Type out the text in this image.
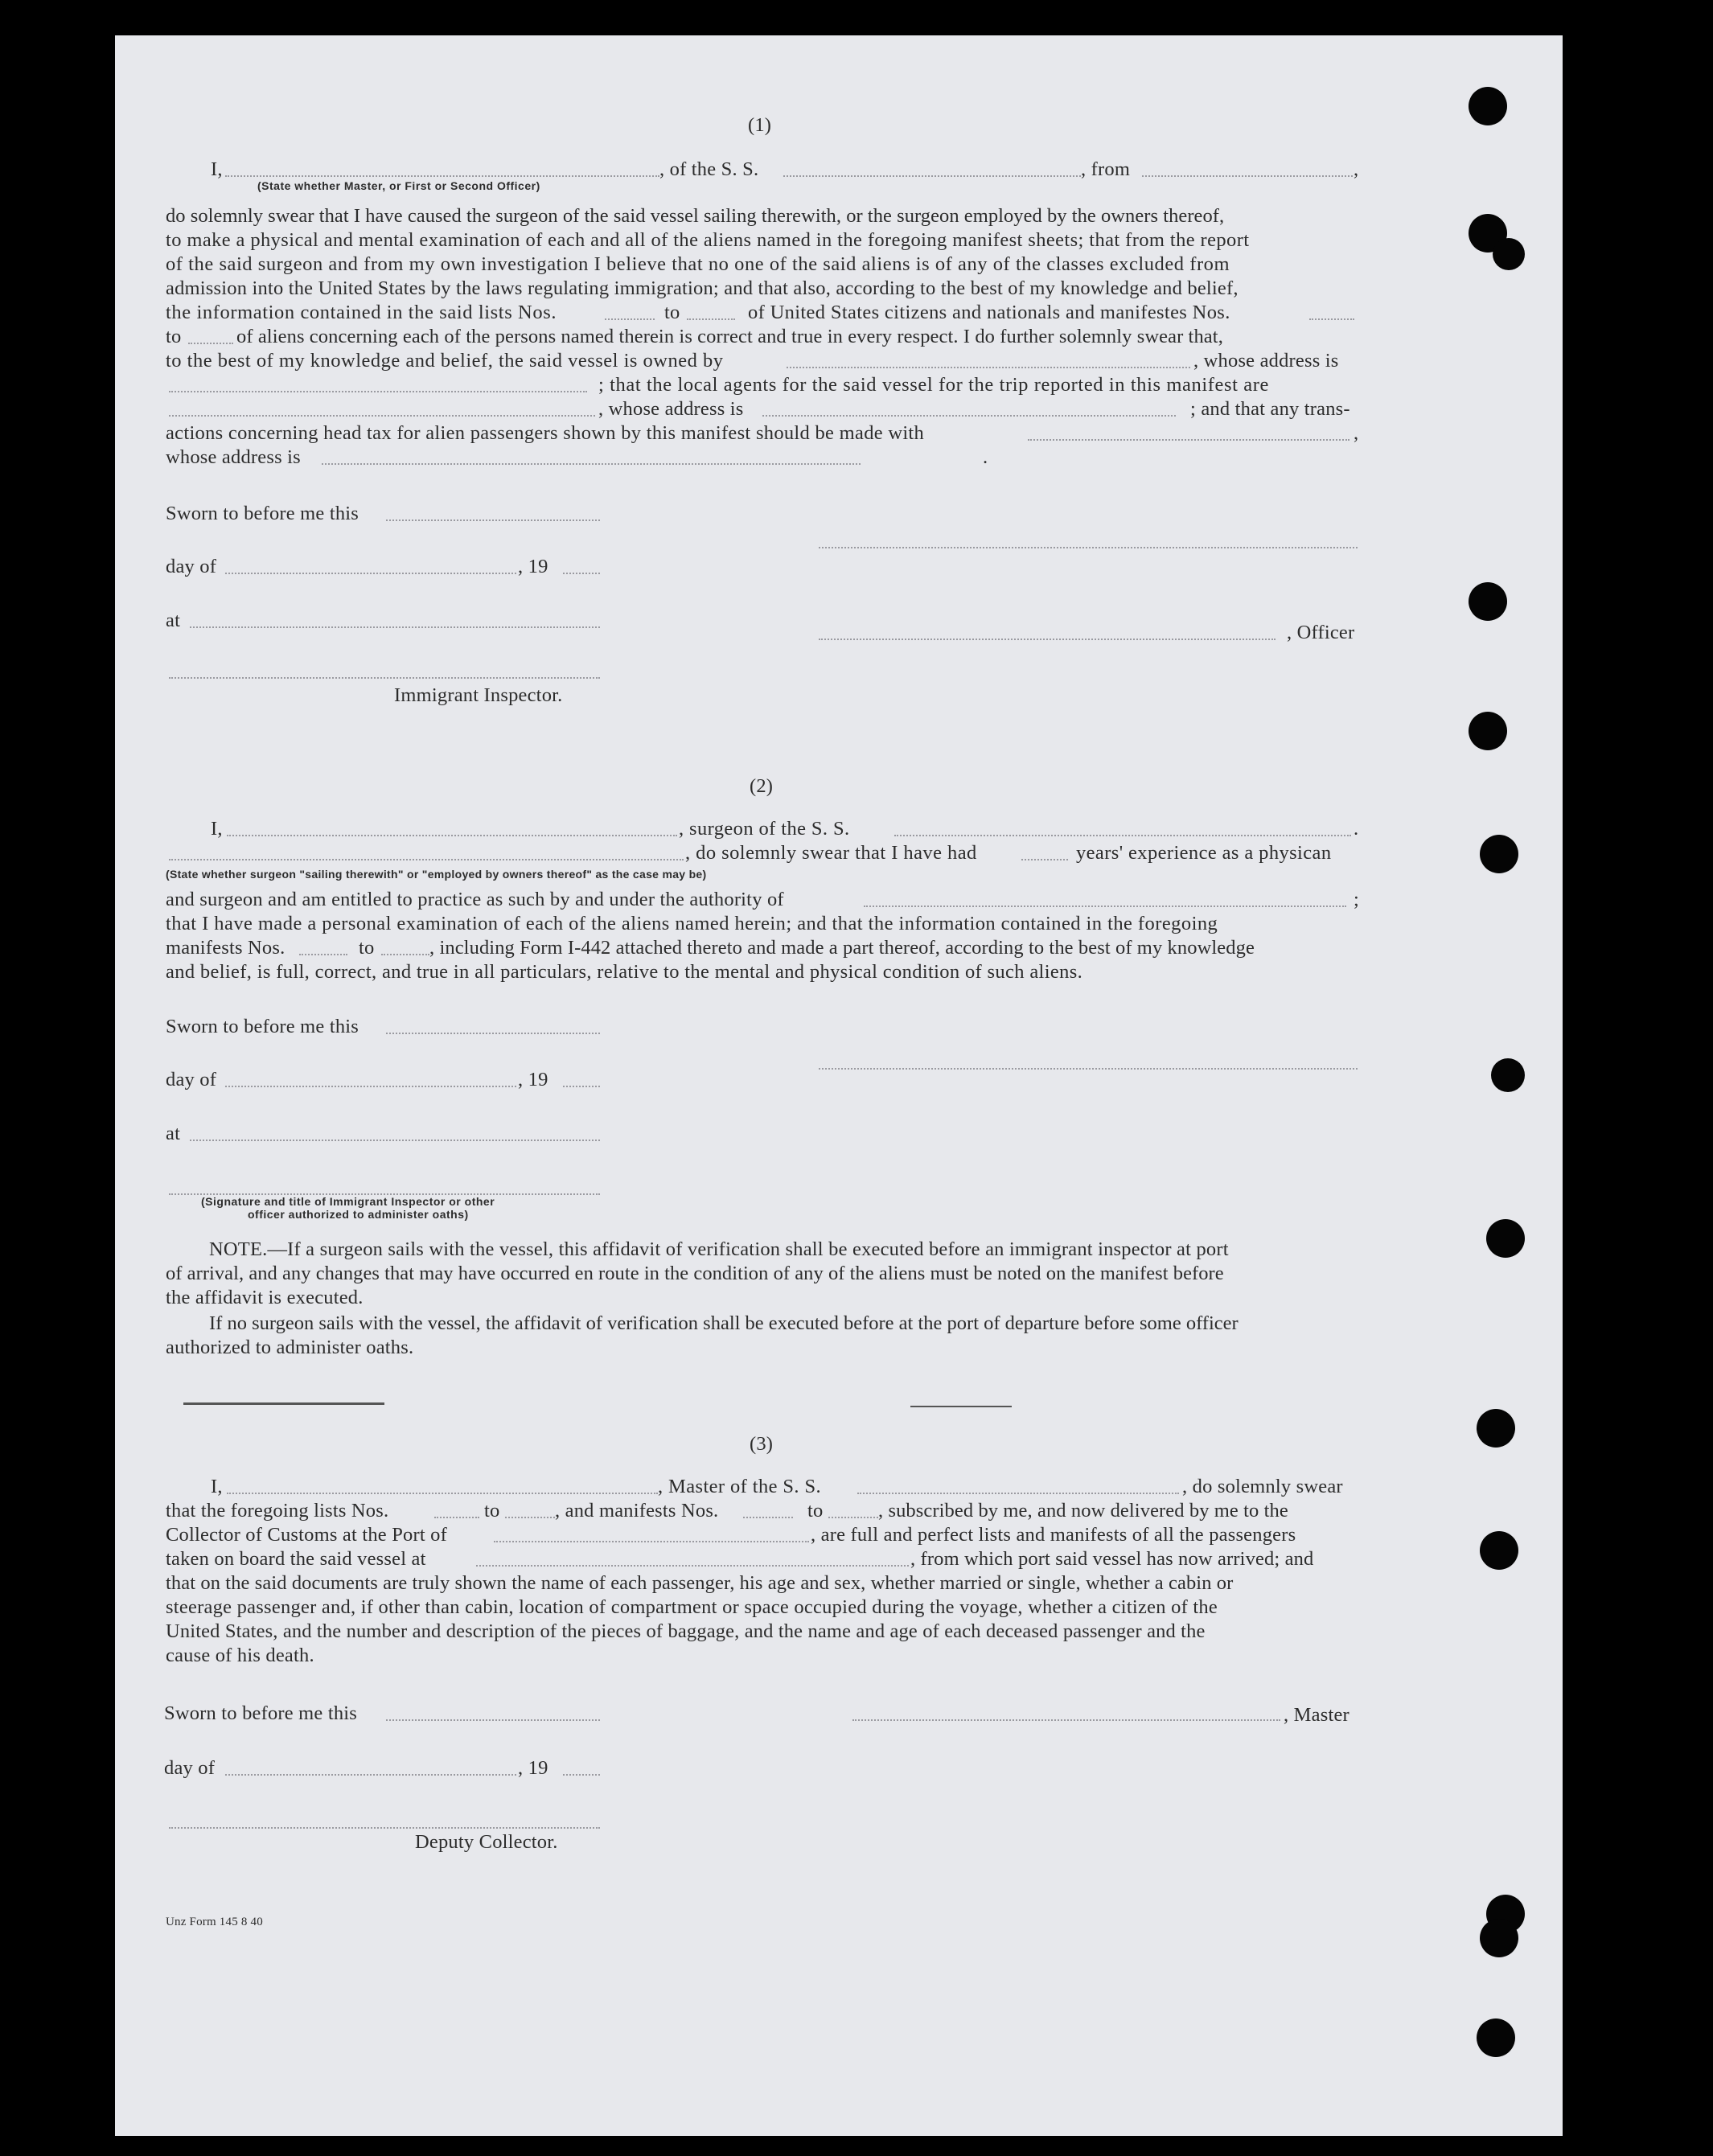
(1)
I,	, of the S. S.	, from	,
(State whether Master, or First or Second Officer)
do solemnly swear that I have caused the surgeon of the said vessel sailing therewith, or the surgeon employed by the owners thereof,
to make a physical and mental examination of each and all of the aliens named in the foregoing manifest sheets; that from the report
of the said surgeon and from my own investigation I believe that no one of the said aliens is of any of the classes excluded from
admission into the United States by the laws regulating immigration; and that also, according to the best of my knowledge and belief,
the information contained in the said lists Nos.	to	of United States citizens and nationals and manifestes Nos.
to	of aliens concerning each of the persons named therein is correct and true in every respect. I do further solemnly swear that,
to the best of my knowledge and belief, the said vessel is owned by	, whose address is
; that the local agents for the said vessel for the trip reported in this manifest are
, whose address is	; and that any trans-
actions concerning head tax for alien passengers shown by this manifest should be made with	,
whose address is	.
Sworn to before me this
day of	, 19
at
, Officer
Immigrant Inspector.
(2)
I,	, surgeon of the S. S.	.
, do solemnly swear that I have had	years' experience as a physican
(State whether surgeon "sailing therewith" or "employed by owners thereof" as the case may be)
and surgeon and am entitled to practice as such by and under the authority of	;
that I have made a personal examination of each of the aliens named herein; and that the information contained in the foregoing
manifests Nos.	to	, including Form I-442 attached thereto and made a part thereof, according to the best of my knowledge
and belief, is full, correct, and true in all particulars, relative to the mental and physical condition of such aliens.
Sworn to before me this
day of	, 19
at
(Signature and title of Immigrant Inspector or other
officer authorized to administer oaths)
NOTE.—If a surgeon sails with the vessel, this affidavit of verification shall be executed before an immigrant inspector at port
of arrival, and any changes that may have occurred en route in the condition of any of the aliens must be noted on the manifest before
the affidavit is executed.
If no surgeon sails with the vessel, the affidavit of verification shall be executed before at the port of departure before some officer
authorized to administer oaths.
(3)
I,	, Master of the S. S.	, do solemnly swear
that the foregoing lists Nos.	to	, and manifests Nos.	to	, subscribed by me, and now delivered by me to the
Collector of Customs at the Port of	, are full and perfect lists and manifests of all the passengers
taken on board the said vessel at	, from which port said vessel has now arrived; and
that on the said documents are truly shown the name of each passenger, his age and sex, whether married or single, whether a cabin or
steerage passenger and, if other than cabin, location of compartment or space occupied during the voyage, whether a citizen of the
United States, and the number and description of the pieces of baggage, and the name and age of each deceased passenger and the
cause of his death.
Sworn to before me this	, Master
day of	, 19
Deputy Collector.
Unz Form 145 8 40
